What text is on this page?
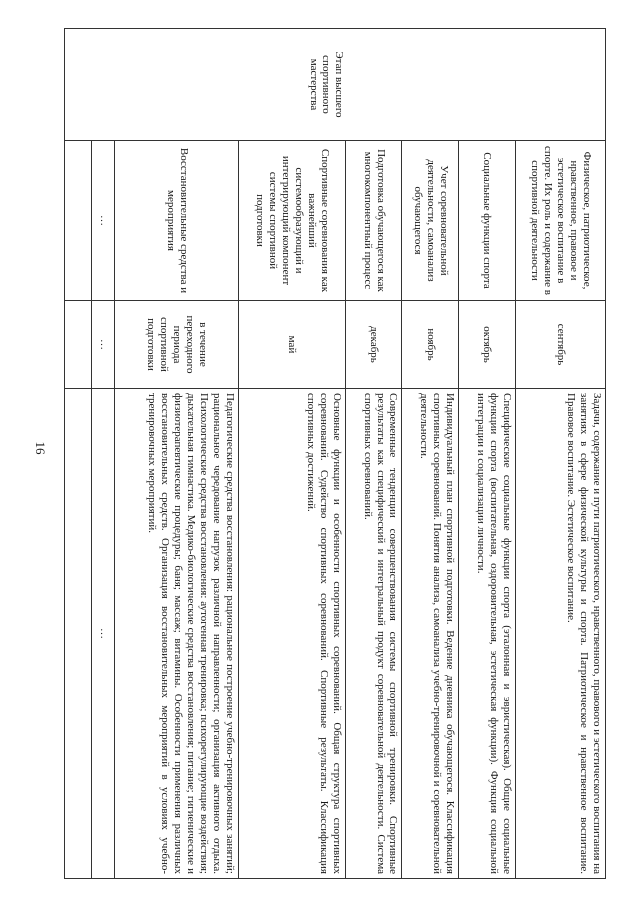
16
Этап высшего спортивного мастерства	Физическое, патриотическое, нравственное, правовое и эстетическое воспитание в спорте. Их роль и содержание в спортивной деятельности	сентябрь	Задачи, содержание и пути патриотического, нравственного, правового и эстетического воспитания на занятиях в сфере физической культуры и спорта. Патриотическое и нравственное воспитание. Правовое воспитание. Эстетическое воспитание.
	Социальные функции спорта	октябрь	Специфические социальные функции спорта (эталонная и эвристическая). Общие социальные функции спорта (воспитательная, оздоровительная, эстетическая функции). Функция социальной интеграции и социализации личности.
	Учет соревновательной деятельности, самоанализ обучающегося	ноябрь	Индивидуальный план спортивной подготовки. Ведение дневника обучающегося. Классификация спортивных соревнований. Понятия анализа, самоанализа учебно-тренировочной и соревновательной деятельности.
	Подготовка обучающегося как многокомпонентный процесс	декабрь	Современные тенденции совершенствования системы спортивной тренировки. Спортивные результаты как специфический и интегральный продукт соревновательной деятельности. Система спортивных соревнований.
	Спортивные соревнования как важнейший системообразующий и интегрирующий компонент системы спортивной подготовки	май	Основные функции и особенности спортивных соревнований. Общая структура спортивных соревнований. Судейство спортивных соревнований. Спортивные результаты. Классификация спортивных достижений.
	Восстановительные средства и мероприятия	в течение переходного периода спортивной подготовки	Педагогические средства восстановления: рациональное построение учебно-тренировочных занятий; рациональное чередование нагрузок различной направленности; организация активного отдыха. Психологические средства восстановления: аутогенная тренировка; психорегулирующие воздействия; дыхательная гимнастика. Медико-биологические средства восстановления; питание; гигиенические и физиотерапевтические процедуры; баня; массаж; витамины. Особенности применения различных восстановительных средств. Организация восстановительных мероприятий в условиях учебно-тренировочных мероприятий.
	…	…	…
